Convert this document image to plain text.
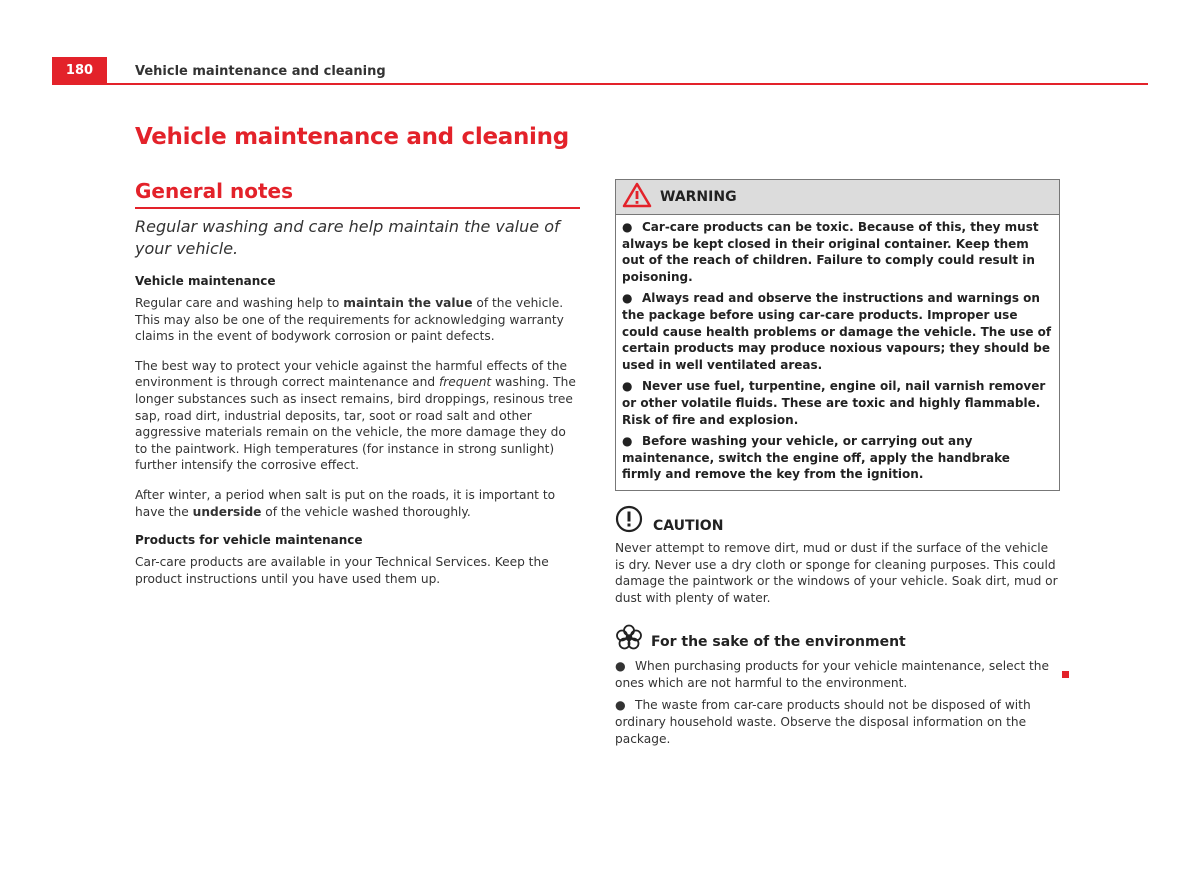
180	Vehicle maintenance and cleaning
Vehicle maintenance and cleaning
General notes

Regular washing and care help maintain the value of your vehicle.

Vehicle maintenance

Regular care and washing help to maintain the value of the vehicle. This may also be one of the requirements for acknowledging warranty claims in the event of bodywork corrosion or paint defects.

The best way to protect your vehicle against the harmful effects of the environment is through correct maintenance and frequent washing. The longer substances such as insect remains, bird droppings, resinous tree sap, road dirt, industrial deposits, tar, soot or road salt and other aggressive materials remain on the vehicle, the more damage they do to the paintwork. High temperatures (for instance in strong sunlight) further intensify the corrosive effect.

After winter, a period when salt is put on the roads, it is important to have the underside of the vehicle washed thoroughly.

Products for vehicle maintenance

Car-care products are available in your Technical Services. Keep the product instructions until you have used them up.

WARNING

● Car-care products can be toxic. Because of this, they must always be kept closed in their original container. Keep them out of the reach of children. Failure to comply could result in poisoning.

● Always read and observe the instructions and warnings on the package before using car-care products. Improper use could cause health problems or damage the vehicle. The use of certain products may produce noxious vapours; they should be used in well ventilated areas.

● Never use fuel, turpentine, engine oil, nail varnish remover or other volatile fluids. These are toxic and highly flammable. Risk of fire and explosion.

● Before washing your vehicle, or carrying out any maintenance, switch the engine off, apply the handbrake firmly and remove the key from the ignition.

CAUTION

Never attempt to remove dirt, mud or dust if the surface of the vehicle is dry. Never use a dry cloth or sponge for cleaning purposes. This could damage the paintwork or the windows of your vehicle. Soak dirt, mud or dust with plenty of water.

For the sake of the environment

● When purchasing products for your vehicle maintenance, select the ones which are not harmful to the environment.

● The waste from car-care products should not be disposed of with ordinary household waste. Observe the disposal information on the package.
